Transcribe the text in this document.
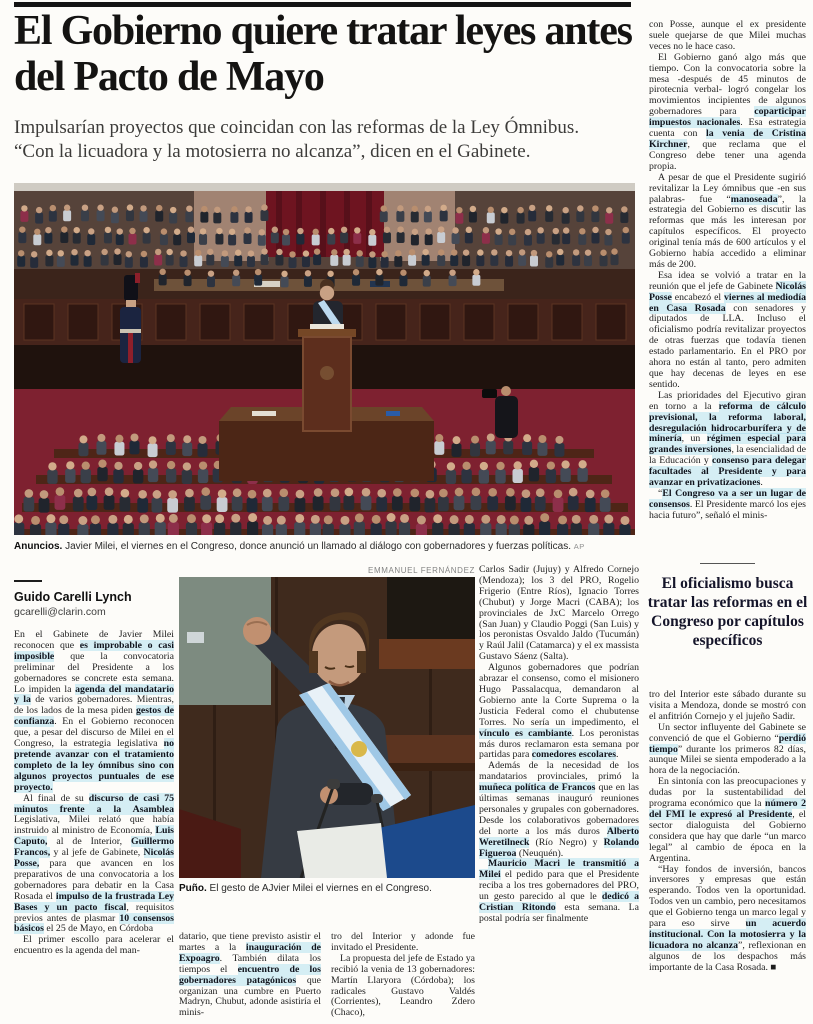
El Gobierno quiere tratar leyes antes del Pacto de Mayo
Impulsarían proyectos que coincidan con las reformas de la Ley Ómnibus. “Con la licuadora y la motosierra no alcanza”, dicen en el Gabinete.
Anuncios. Javier Milei, el viernes en el Congreso, donce anunció un llamado al diálogo con gobernadores y fuerzas políticas. AP
Guido Carelli Lynch
gcarelli@clarin.com

En el Gabinete de Javier Milei reconocen que es improbable o casi imposible que la convocatoria preliminar del Presidente a los gobernadores se concrete esta semana. Lo impiden la agenda del mandatario y la de varios gobernadores. Mientras, de los lados de la mesa piden gestos de confianza. En el Gobierno reconocen que, a pesar del discurso de Milei en el Congreso, la estrategia legislativa no pretende avanzar con el tratamiento completo de la ley ómnibus sino con algunos proyectos puntuales de ese proyecto.

Al final de su discurso de casi 75 minutos frente a la Asamblea Legislativa, Milei relató que había instruido al ministro de Economía, Luis Caputo, al de Interior, Guillermo Francos, y al jefe de Gabinete, Nicolás Posse, para que avancen en los preparativos de una convocatoria a los gobernadores para debatir en la Casa Rosada el impulso de la frustrada Ley Bases y un pacto fiscal, requisitos previos antes de plasmar 10 consensos básicos el 25 de Mayo, en Córdoba

El primer escollo para acelerar el encuentro es la agenda del man-

EMMANUEL FERNÁNDEZ
Puño. El gesto de AJvier Milei el viernes en el Congreso.

datario, que tiene previsto asistir el martes a la inauguración de Expoagro. También dilata los tiempos el encuentro de los gobernadores patagónicos que organizan una cumbre en Puerto Madryn, Chubut, adonde asistiría el minis-

tro del Interior y adonde fue invitado el Presidente.

La propuesta del jefe de Estado ya recibió la venia de 13 gobernadores: Martín Llaryora (Córdoba); los radicales Gustavo Valdés (Corrientes), Leandro Zdero (Chaco),

Carlos Sadir (Jujuy) y Alfredo Cornejo (Mendoza); los 3 del PRO, Rogelio Frigerio (Entre Ríos), Ignacio Torres (Chubut) y Jorge Macri (CABA); los provinciales de JxC Marcelo Orrego (San Juan) y Claudio Poggi (San Luis) y los peronistas Osvaldo Jaldo (Tucumán) y Raúl Jalil (Catamarca) y el ex massista Gustavo Sáenz (Salta).

Algunos gobernadores que podrían abrazar el consenso, como el misionero Hugo Passalacqua, demandaron al Gobierno ante la Corte Suprema o la Justicia Federal como el chubutense Torres. No sería un impedimento, el vínculo es cambiante. Los peronistas más duros reclamaron esta semana por partidas para comedores escolares.

Además de la necesidad de los mandatarios provinciales, primó la muñeca política de Francos que en las últimas semanas inauguró reuniones personales y grupales con gobernadores. Desde los colaborativos gobernadores del norte a los más duros Alberto Weretilneck (Río Negro) y Rolando Figueroa (Neuquén).

Mauricio Macri le transmitió a Milei el pedido para que el Presidente reciba a los tres gobernadores del PRO, un gesto parecido al que le dedicó a Cristian Ritondo esta semana. La postal podría ser finalmente

con Posse, aunque el ex presidente suele quejarse de que Milei muchas veces no le hace caso.

El Gobierno ganó algo más que tiempo. Con la convocatoria sobre la mesa -después de 45 minutos de pirotecnia verbal- logró congelar los movimientos incipientes de algunos gobernadores para coparticipar impuestos nacionales. Esa estrategia cuenta con la venia de Cristina Kirchner, que reclama que el Congreso debe tener una agenda propia.

A pesar de que el Presidente sugirió revitalizar la Ley ómnibus que -en sus palabras- fue “manoseada”, la estrategia del Gobierno es discutir las reformas que más les interesan por capítulos específicos. El proyecto original tenía más de 600 artículos y el Gobierno había accedido a eliminar más de 200.

Esa idea se volvió a tratar en la reunión que el jefe de Gabinete Nicolás Posse encabezó el viernes al mediodía en Casa Rosada con senadores y diputados de LLA. Incluso el oficialismo podría revitalizar proyectos de otras fuerzas que todavía tienen estado parlamentario. En el PRO por ahora no están al tanto, pero admiten que hay decenas de leyes en ese sentido.

Las prioridades del Ejecutivo giran en torno a la reforma de cálculo previsional, la reforma laboral, desregulación hidrocarburífera y de minería, un régimen especial para grandes inversiones, la esencialidad de la Educación y consenso para delegar facultades al Presidente y para avanzar en privatizaciones.

“El Congreso va a ser un lugar de consensos. El Presidente marcó los ejes hacia futuro”, señaló el minis-

El oficialismo busca tratar las reformas en el Congreso por capítulos específicos

tro del Interior este sábado durante su visita a Mendoza, donde se mostró con el anfitrión Cornejo y el jujeño Sadir.

Un sector influyente del Gabinete se convenció de que el Gobierno “perdió tiempo” durante los primeros 82 días, aunque Milei se sienta empoderado a la hora de la negociación.

En sintonía con las preocupaciones y dudas por la sustentabilidad del programa económico que la número 2 del FMI le expresó al Presidente, el sector dialoguista del Gobierno considera que hay que darle “un marco legal” al cambio de época en la Argentina.

“Hay fondos de inversión, bancos inversores y empresas que están esperando. Todos ven la oportunidad. Todos ven un cambio, pero necesitamos que el Gobierno tenga un marco legal y para eso sirve un acuerdo institucional. Con la motosierra y la licuadora no alcanza”, reflexionan en algunos de los despachos más importante de la Casa Rosada. ■
